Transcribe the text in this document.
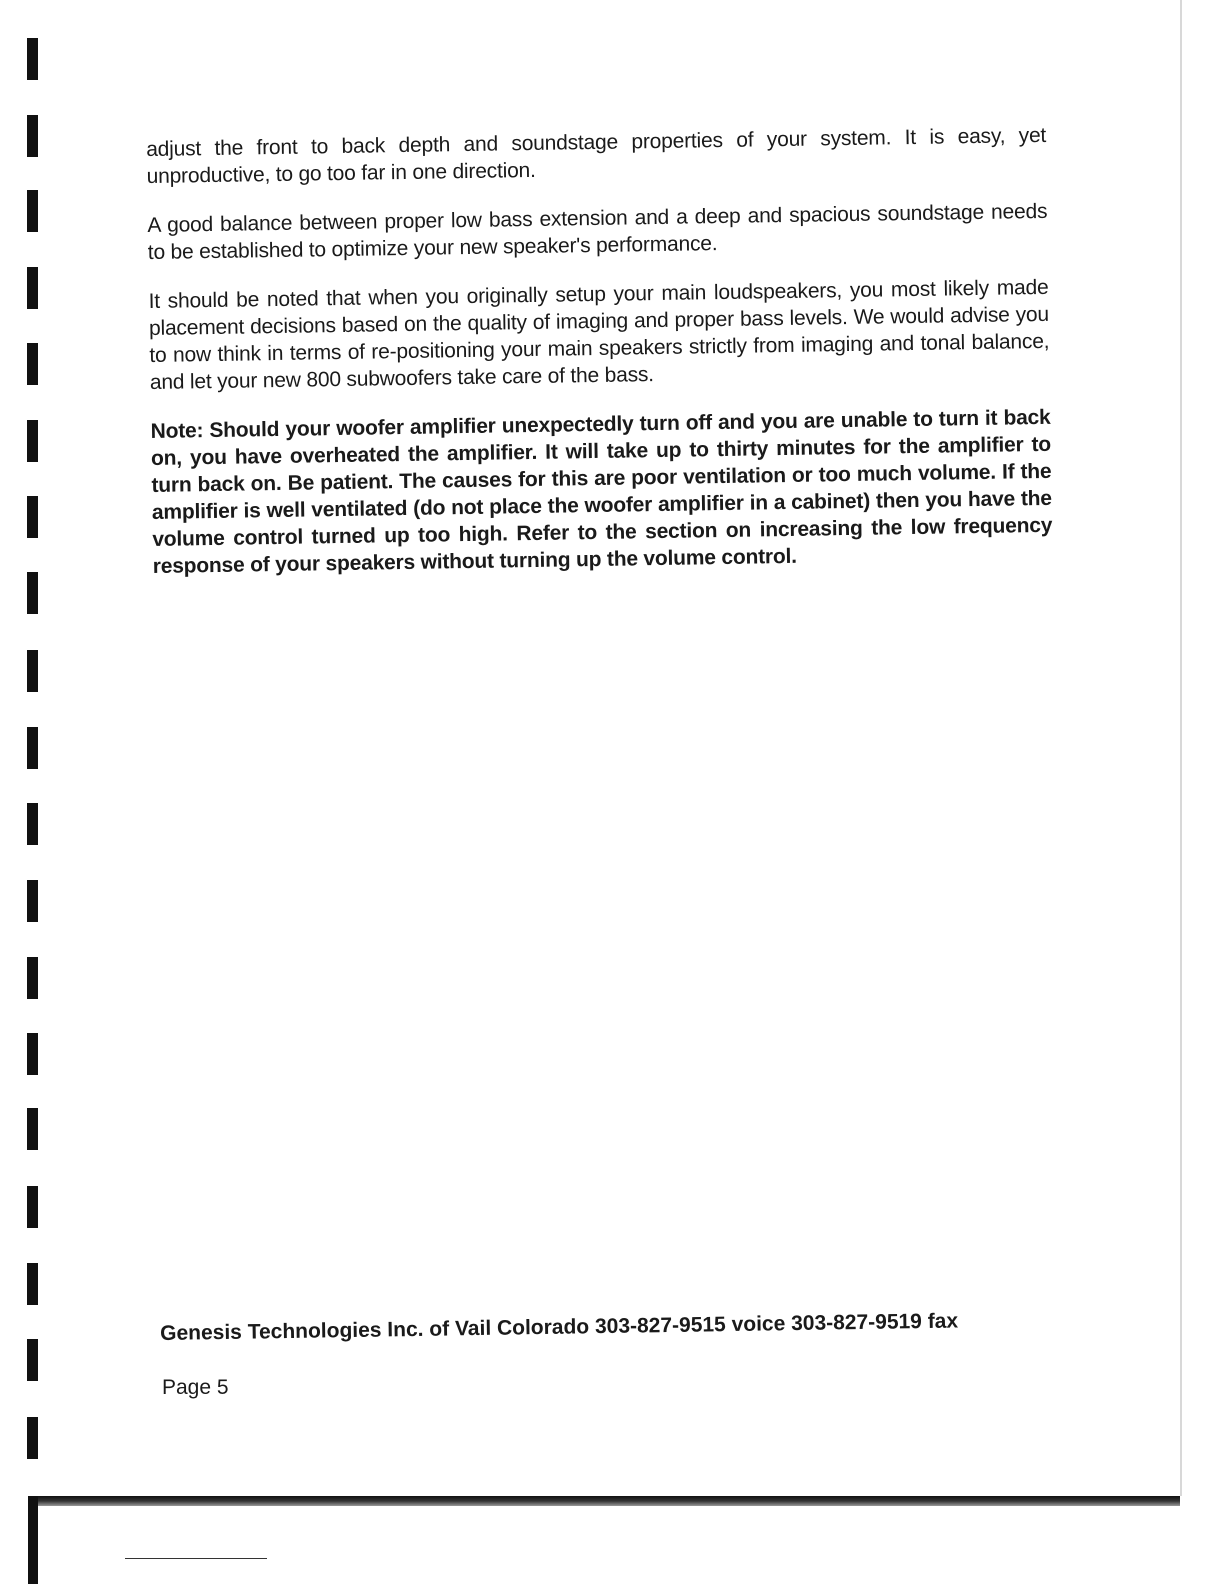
adjust the front to back depth and soundstage properties of your system. It is easy, yet unproductive, to go too far in one direction.

A good balance between proper low bass extension and a deep and spacious soundstage needs to be established to optimize your new speaker's performance.

It should be noted that when you originally setup your main loudspeakers, you most likely made placement decisions based on the quality of imaging and proper bass levels. We would advise you to now think in terms of re-positioning your main speakers strictly from imaging and tonal balance, and let your new 800 subwoofers take care of the bass.

Note: Should your woofer amplifier unexpectedly turn off and you are unable to turn it back on, you have overheated the amplifier. It will take up to thirty minutes for the amplifier to turn back on. Be patient. The causes for this are poor ventilation or too much volume. If the amplifier is well ventilated (do not place the woofer amplifier in a cabinet) then you have the volume control turned up too high. Refer to the section on increasing the low frequency response of your speakers without turning up the volume control.

Genesis Technologies Inc. of Vail Colorado 303-827-9515 voice 303-827-9519 fax
Page 5
